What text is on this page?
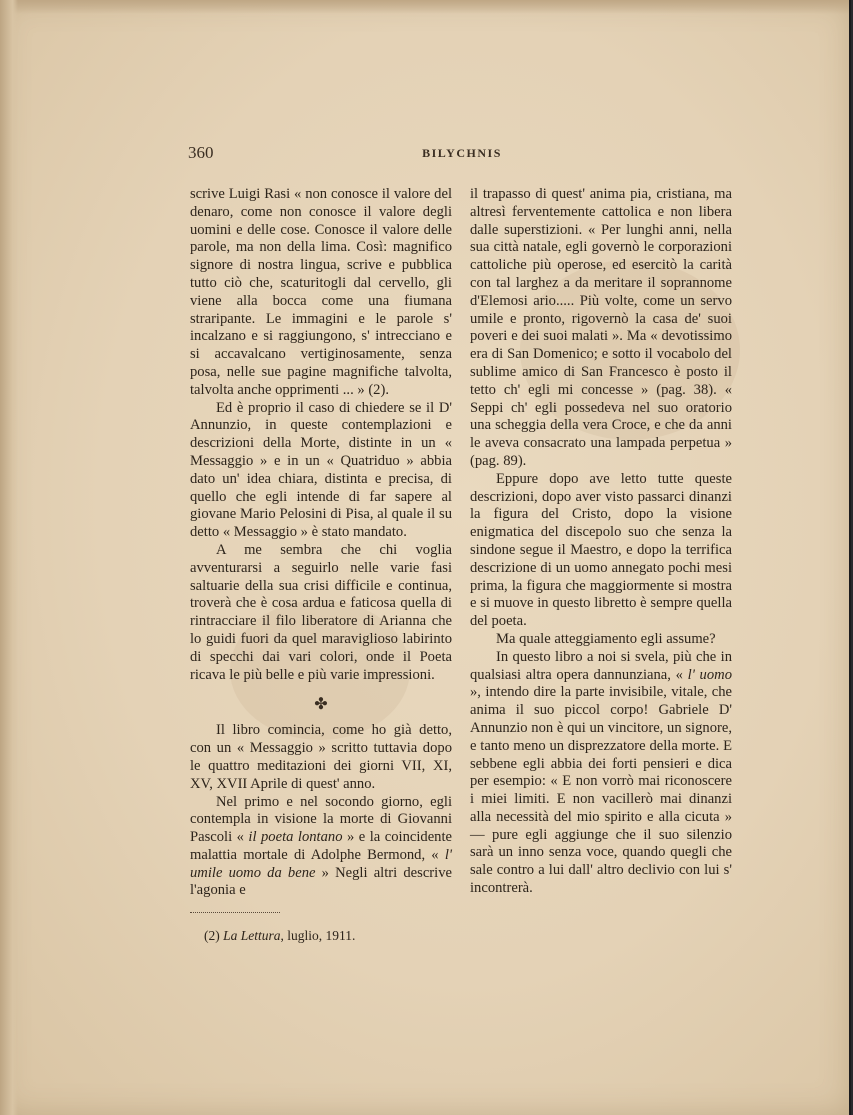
360	BILYCHNIS

scrive Luigi Rasi « non conosce il valore del denaro, come non conosce il valore degli uomini e delle cose. Conosce il valore delle parole, ma non della lima. Così: magnifico signore di nostra lingua, scrive e pubblica tutto ciò che, scaturitogli dal cervello, gli viene alla bocca come una fiumana straripante. Le immagini e le parole s' incalzano e si raggiungono, s' intrecciano e si accavalcano vertiginosamente, senza posa, nelle sue pagine magnifiche talvolta, talvolta anche opprimenti ... » (2).

Ed è proprio il caso di chiedere se il D' Annunzio, in queste contemplazioni e descrizioni della Morte, distinte in un « Messaggio » e in un « Quatriduo » abbia dato un' idea chiara, distinta e precisa, di quello che egli intende di far sapere al giovane Mario Pelosini di Pisa, al quale il su detto « Messaggio » è stato mandato.

A me sembra che chi voglia avventurarsi a seguirlo nelle varie fasi saltuarie della sua crisi difficile e continua, troverà che è cosa ardua e faticosa quella di rintracciare il filo liberatore di Arianna che lo guidi fuori da quel maraviglioso labirinto di specchi dai vari colori, onde il Poeta ricava le più belle e più varie impressioni.

✤

Il libro comincia, come ho già detto, con un « Messaggio » scritto tuttavia dopo le quattro meditazioni dei giorni VII, XI, XV, XVII Aprile di quest' anno.

Nel primo e nel socondo giorno, egli contempla in visione la morte di Giovanni Pascoli « il poeta lontano » e la coincidente malattia mortale di Adolphe Bermond, « l' umile uomo da bene » Negli altri descrive l'agonia e

(2) La Lettura, luglio, 1911.

il trapasso di quest' anima pia, cristiana, ma altresì ferventemente cattolica e non libera dalle superstizioni. « Per lunghi anni, nella sua città natale, egli governò le corporazioni cattoliche più operose, ed esercitò la carità con tal larghez a da meritare il soprannome d'Elemosi ario..... Più volte, come un servo umile e pronto, rigovernò la casa de' suoi poveri e dei suoi malati ». Ma « devotissimo era di San Domenico; e sotto il vocabolo del sublime amico di San Francesco è posto il tetto ch' egli mi concesse » (pag. 38). « Seppi ch' egli possedeva nel suo oratorio una scheggia della vera Croce, e che da anni le aveva consacrato una lampada perpetua » (pag. 89).

Eppure dopo ave letto tutte queste descrizioni, dopo aver visto passarci dinanzi la figura del Cristo, dopo la visione enigmatica del discepolo suo che senza la sindone segue il Maestro, e dopo la terrifica descrizione di un uomo annegato pochi mesi prima, la figura che maggiormente si mostra e si muove in questo libretto è sempre quella del poeta.

Ma quale atteggiamento egli assume?

In questo libro a noi si svela, più che in qualsiasi altra opera dannunziana, « l' uomo », intendo dire la parte invisibile, vitale, che anima il suo piccol corpo! Gabriele D' Annunzio non è qui un vincitore, un signore, e tanto meno un disprezzatore della morte. E sebbene egli abbia dei forti pensieri e dica per esempio: « E non vorrò mai riconoscere i miei limiti. E non vacillerò mai dinanzi alla necessità del mio spirito e alla cicuta » — pure egli aggiunge che il suo silenzio sarà un inno senza voce, quando quegli che sale contro a lui dall' altro declivio con lui s' incontrerà.
